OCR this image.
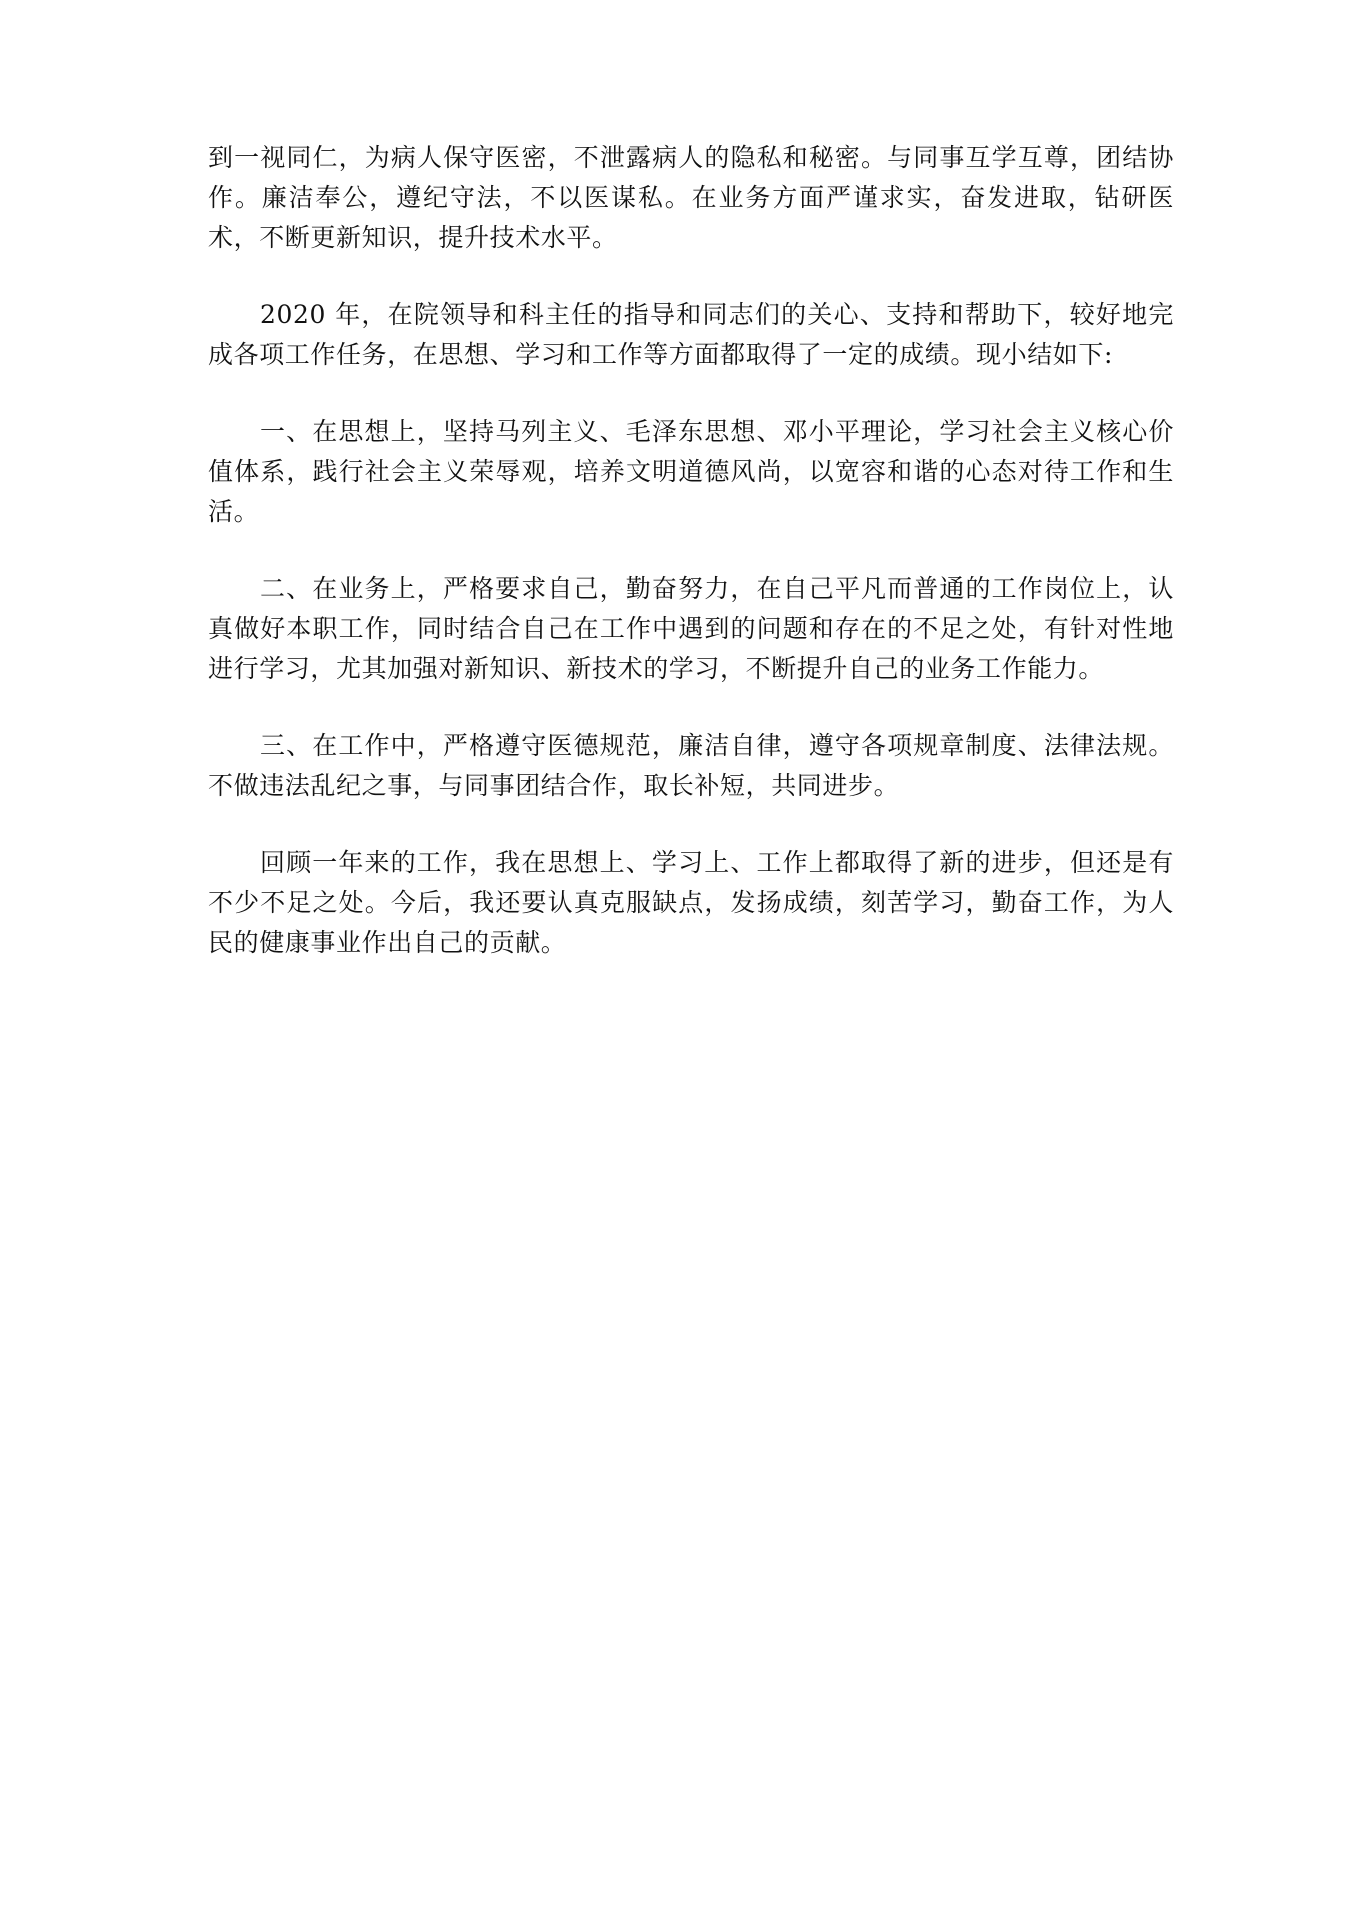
到一视同仁，为病人保守医密，不泄露病人的隐私和秘密。与同事互学互尊，团结协作。廉洁奉公，遵纪守法，不以医谋私。在业务方面严谨求实，奋发进取，钻研医术，不断更新知识，提升技术水平。

2020 年，在院领导和科主任的指导和同志们的关心、支持和帮助下，较好地完成各项工作任务，在思想、学习和工作等方面都取得了一定的成绩。现小结如下:

一、在思想上，坚持马列主义、毛泽东思想、邓小平理论，学习社会主义核心价值体系，践行社会主义荣辱观，培养文明道德风尚，以宽容和谐的心态对待工作和生活。

二、在业务上，严格要求自己，勤奋努力，在自己平凡而普通的工作岗位上，认真做好本职工作，同时结合自己在工作中遇到的问题和存在的不足之处，有针对性地进行学习，尤其加强对新知识、新技术的学习，不断提升自己的业务工作能力。

三、在工作中，严格遵守医德规范，廉洁自律，遵守各项规章制度、法律法规。不做违法乱纪之事，与同事团结合作，取长补短，共同进步。

回顾一年来的工作，我在思想上、学习上、工作上都取得了新的进步，但还是有不少不足之处。今后，我还要认真克服缺点，发扬成绩，刻苦学习，勤奋工作，为人民的健康事业作出自己的贡献。
